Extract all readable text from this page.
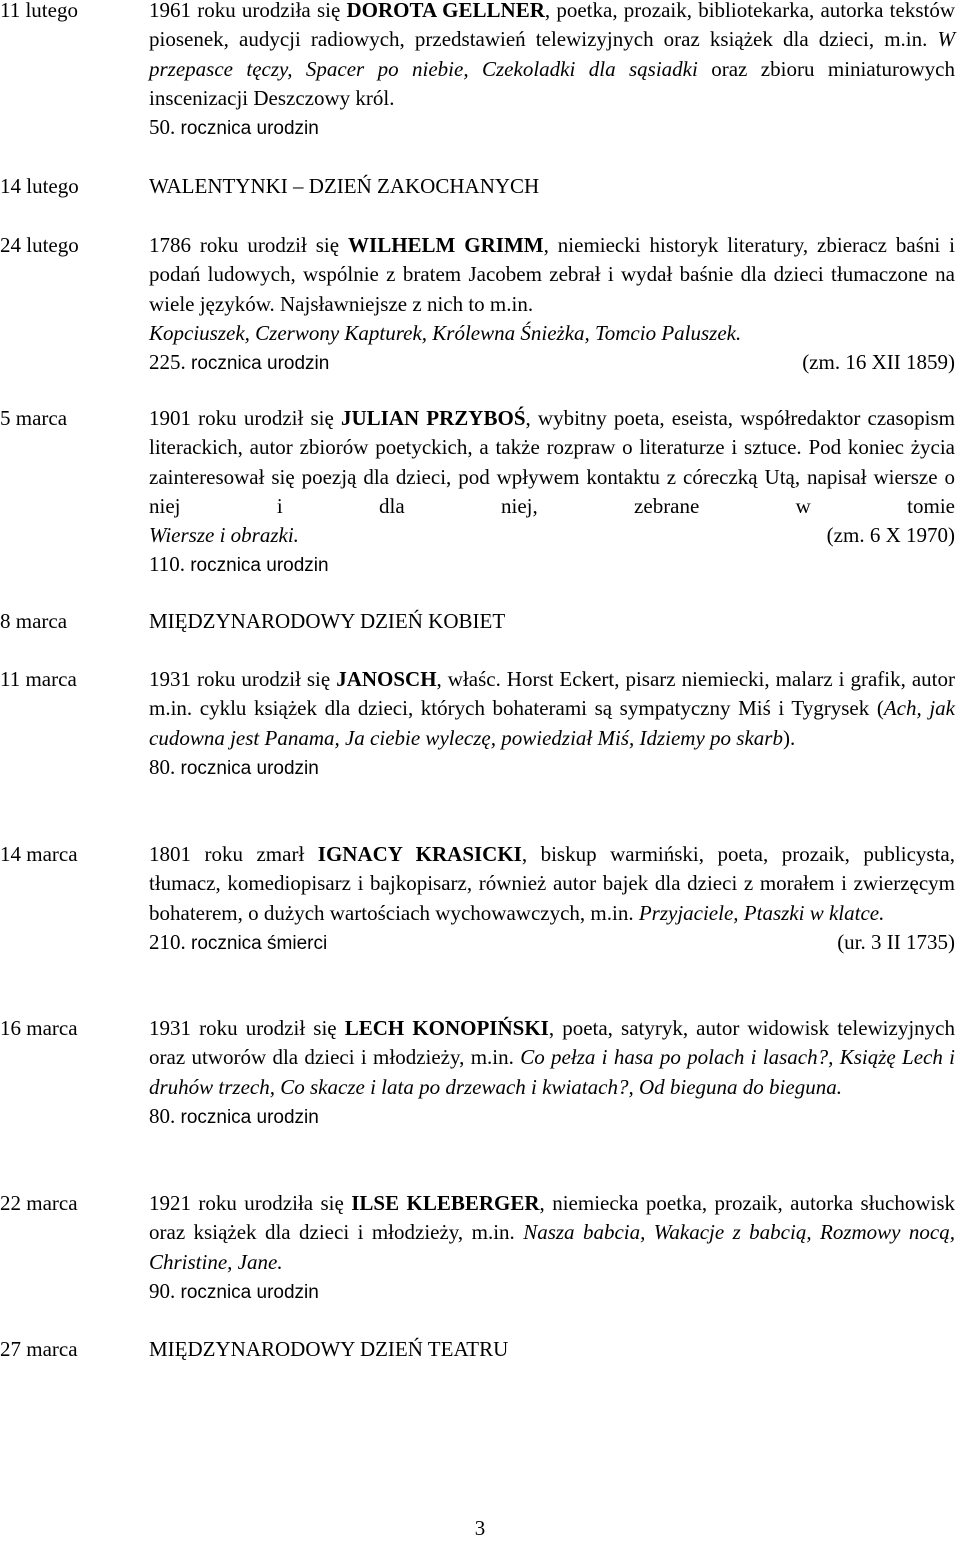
11 lutego	1961 roku urodziła się DOROTA GELLNER, poetka, prozaik, bibliotekarka, autorka tekstów piosenek, audycji radiowych, przedstawień telewizyjnych oraz książek dla dzieci, m.in. W przepasce tęczy, Spacer po niebie, Czekoladki dla sąsiadki oraz zbioru miniaturowych inscenizacji Deszczowy król.

50. rocznica urodzin

14 lutego	WALENTYNKI – DZIEŃ ZAKOCHANYCH

24 lutego	1786 roku urodził się WILHELM GRIMM, niemiecki historyk literatury, zbieracz baśni i podań ludowych, wspólnie z bratem Jacobem zebrał i wydał baśnie dla dzieci tłumaczone na wiele języków. Najsławniejsze z nich to m.in.

Kopciuszek, Czerwony Kapturek, Królewna Śnieżka, Tomcio Paluszek.

225. rocznica urodzin	(zm. 16 XII 1859)

5 marca	1901 roku urodził się JULIAN PRZYBOŚ, wybitny poeta, eseista, współredaktor czasopism literackich, autor zbiorów poetyckich, a także rozpraw o literaturze i sztuce. Pod koniec życia zainteresował się poezją dla dzieci, pod wpływem kontaktu z córeczką Utą, napisał wiersze o niej i dla niej, zebrane w tomie

Wiersze i obrazki.	(zm. 6 X 1970)

110. rocznica urodzin

8 marca	MIĘDZYNARODOWY DZIEŃ KOBIET

11 marca	1931 roku urodził się JANOSCH, właśc. Horst Eckert, pisarz niemiecki, malarz i grafik, autor m.in. cyklu książek dla dzieci, których bohaterami są sympatyczny Miś i Tygrysek (Ach, jak cudowna jest Panama, Ja ciebie wyleczę, powiedział Miś, Idziemy po skarb).

80. rocznica urodzin

14 marca	1801 roku zmarł IGNACY KRASICKI, biskup warmiński, poeta, prozaik, publicysta, tłumacz, komediopisarz i bajkopisarz, również autor bajek dla dzieci z morałem i zwierzęcym bohaterem, o dużych wartościach wychowawczych, m.in. Przyjaciele, Ptaszki w klatce.

210. rocznica śmierci	(ur. 3 II 1735)

16 marca	1931 roku urodził się LECH KONOPIŃSKI, poeta, satyryk, autor widowisk telewizyjnych oraz utworów dla dzieci i młodzieży, m.in. Co pełza i hasa po polach i lasach?, Książę Lech i druhów trzech, Co skacze i lata po drzewach i kwiatach?, Od bieguna do bieguna.

80. rocznica urodzin

22 marca	1921 roku urodziła się ILSE KLEBERGER, niemiecka poetka, prozaik, autorka słuchowisk oraz książek dla dzieci i młodzieży, m.in. Nasza babcia, Wakacje z babcią, Rozmowy nocą, Christine, Jane.

90. rocznica urodzin

27 marca	MIĘDZYNARODOWY DZIEŃ TEATRU

3
